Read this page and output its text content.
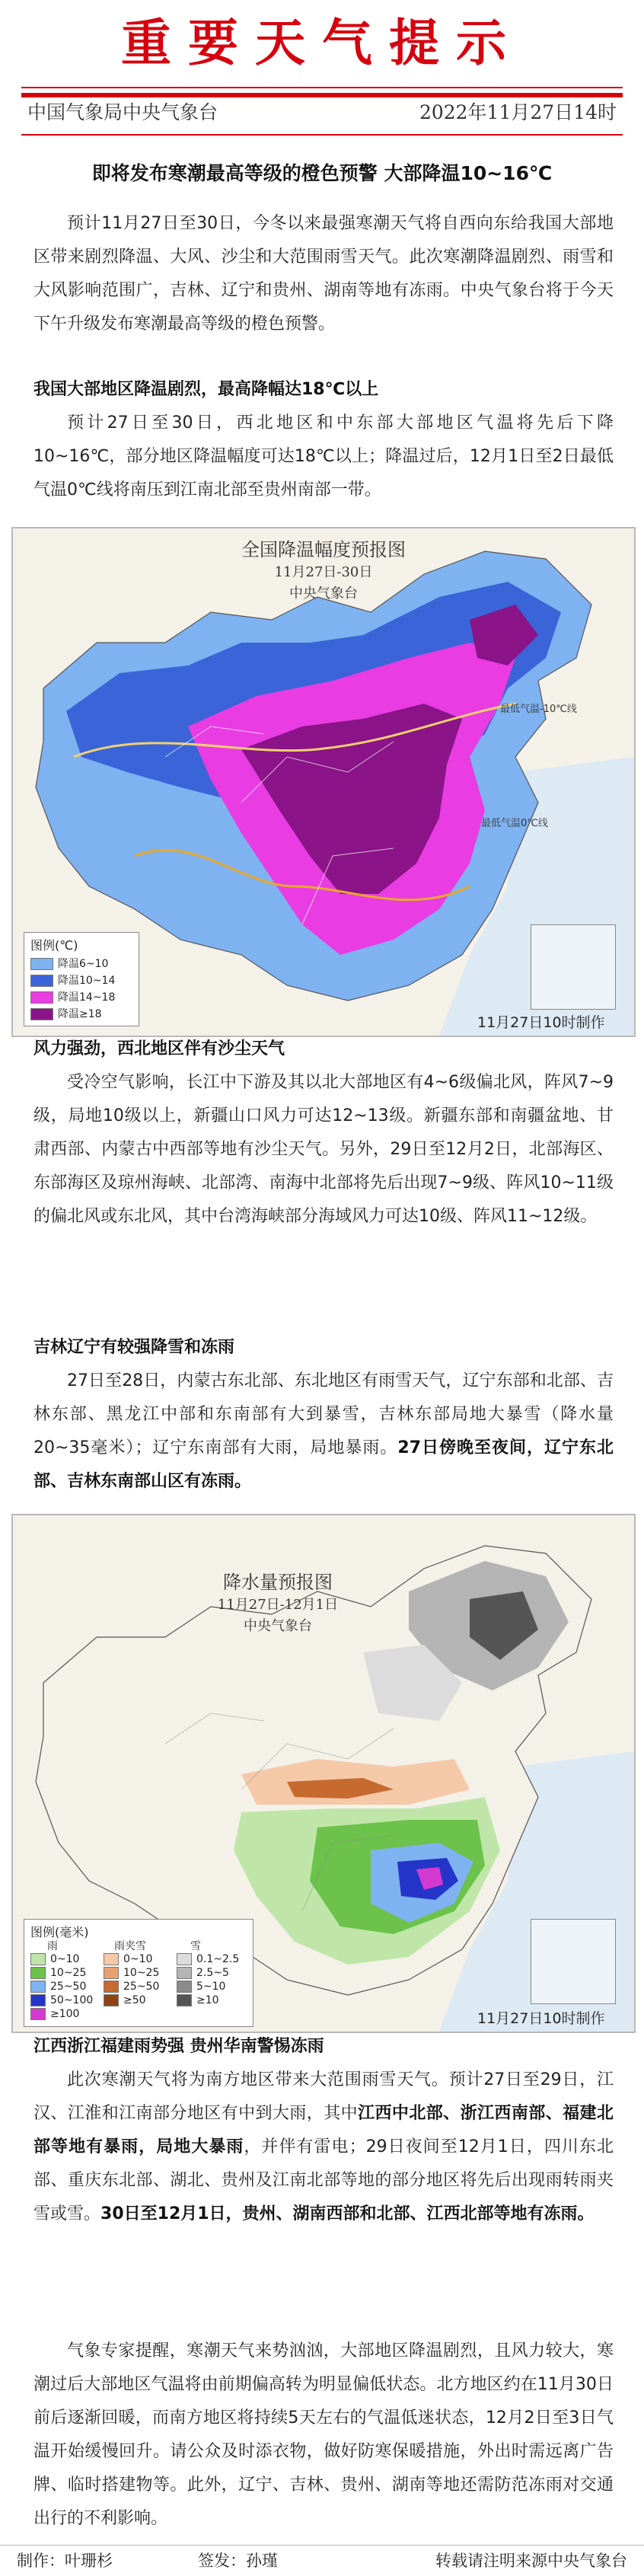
重要天气提示
中国气象局中央气象台	2022年11月27日14时
即将发布寒潮最高等级的橙色预警 大部降温10~16℃

预计11月27日至30日，今冬以来最强寒潮天气将自西向东给我国大部地区带来剧烈降温、大风、沙尘和大范围雨雪天气。此次寒潮降温剧烈、雨雪和大风影响范围广，吉林、辽宁和贵州、湖南等地有冻雨。中央气象台将于今天下午升级发布寒潮最高等级的橙色预警。

我国大部地区降温剧烈，最高降幅达18℃以上

预计27日至30日，西北地区和中东部大部地区气温将先后下降10~16℃，部分地区降温幅度可达18℃以上；降温过后，12月1日至2日最低气温0℃线将南压到江南北部至贵州南部一带。

全国降温幅度预报图
11月27日-30日
中央气象台
最低气温0℃线
最低气温-10℃线
图例(℃)
降温6~10
降温10~14
降温14~18
降温≥18	11月27日10时制作

风力强劲，西北地区伴有沙尘天气

受冷空气影响，长江中下游及其以北大部地区有4~6级偏北风，阵风7~9级，局地10级以上，新疆山口风力可达12~13级。新疆东部和南疆盆地、甘肃西部、内蒙古中西部等地有沙尘天气。另外，29日至12月2日，北部海区、东部海区及琼州海峡、北部湾、南海中北部将先后出现7~9级、阵风10~11级的偏北风或东北风，其中台湾海峡部分海域风力可达10级、阵风11~12级。

吉林辽宁有较强降雪和冻雨

27日至28日，内蒙古东北部、东北地区有雨雪天气，辽宁东部和北部、吉林东部、黑龙江中部和东南部有大到暴雪，吉林东部局地大暴雪（降水量20~35毫米）；辽宁东南部有大雨，局地暴雨。27日傍晚至夜间，辽宁东北部、吉林东南部山区有冻雨。

降水量预报图
11月27日-12月1日
中央气象台
图例(毫米)
雨	雨夹雪	雪
0~10
10~25
25~50
50~100
≥100
0~10
10~25
25~50
≥50
0.1~2.5
2.5~5
5~10
≥10
11月27日10时制作

江西浙江福建雨势强 贵州华南警惕冻雨

此次寒潮天气将为南方地区带来大范围雨雪天气。预计27日至29日，江汉、江淮和江南部分地区有中到大雨，其中江西中北部、浙江西南部、福建北部等地有暴雨，局地大暴雨，并伴有雷电；29日夜间至12月1日，四川东北部、重庆东北部、湖北、贵州及江南北部等地的部分地区将先后出现雨转雨夹雪或雪。30日至12月1日，贵州、湖南西部和北部、江西北部等地有冻雨。

气象专家提醒，寒潮天气来势汹汹，大部地区降温剧烈，且风力较大，寒潮过后大部地区气温将由前期偏高转为明显偏低状态。北方地区约在11月30日前后逐渐回暖，而南方地区将持续5天左右的气温低迷状态，12月2日至3日气温开始缓慢回升。请公众及时添衣物，做好防寒保暖措施，外出时需远离广告牌、临时搭建物等。此外，辽宁、吉林、贵州、湖南等地还需防范冻雨对交通出行的不利影响。

制作：叶珊杉	签发：孙瑾	转载请注明来源中央气象台
